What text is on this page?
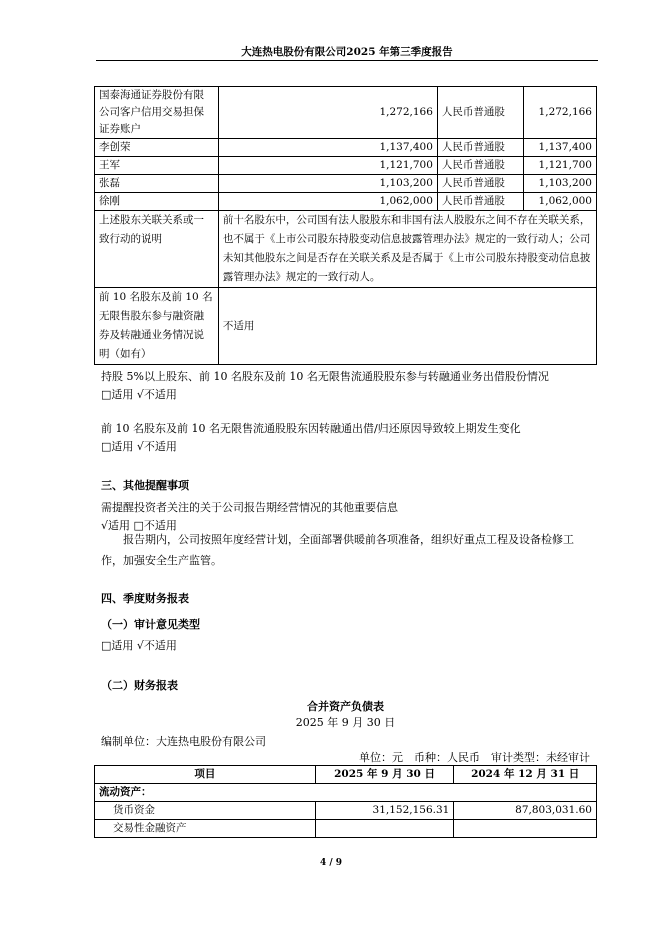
大连热电股份有限公司2025 年第三季度报告
国泰海通证券股份有限公司客户信用交易担保证券账户	1,272,166	人民币普通股	1,272,166
李创荣	1,137,400	人民币普通股	1,137,400
王军	1,121,700	人民币普通股	1,121,700
张磊	1,103,200	人民币普通股	1,103,200
徐刚	1,062,000	人民币普通股	1,062,000
上述股东关联关系或一致行动的说明	前十名股东中，公司国有法人股股东和非国有法人股股东之间不存在关联关系，也不属于《上市公司股东持股变动信息披露管理办法》规定的一致行动人；公司未知其他股东之间是否存在关联关系及是否属于《上市公司股东持股变动信息披露管理办法》规定的一致行动人。		
前 10 名股东及前 10 名无限售股东参与融资融券及转融通业务情况说明（如有）	不适用		
持股 5%以上股东、前 10 名股东及前 10 名无限售流通股股东参与转融通业务出借股份情况
□适用 √不适用
前 10 名股东及前 10 名无限售流通股股东因转融通出借/归还原因导致较上期发生变化
□适用 √不适用
三、其他提醒事项
需提醒投资者关注的关于公司报告期经营情况的其他重要信息
√适用 □不适用
报告期内，公司按照年度经营计划，全面部署供暖前各项准备，组织好重点工程及设备检修工作，加强安全生产监管。
四、季度财务报表
（一）审计意见类型
□适用 √不适用
（二）财务报表
合并资产负债表
2025 年 9 月 30 日
编制单位：大连热电股份有限公司
单位：元　币种：人民币　审计类型：未经审计
项目	2025 年 9 月 30 日	2024 年 12 月 31 日
流动资产：		
货币资金	31,152,156.31	87,803,031.60
交易性金融资产		
4 / 9
